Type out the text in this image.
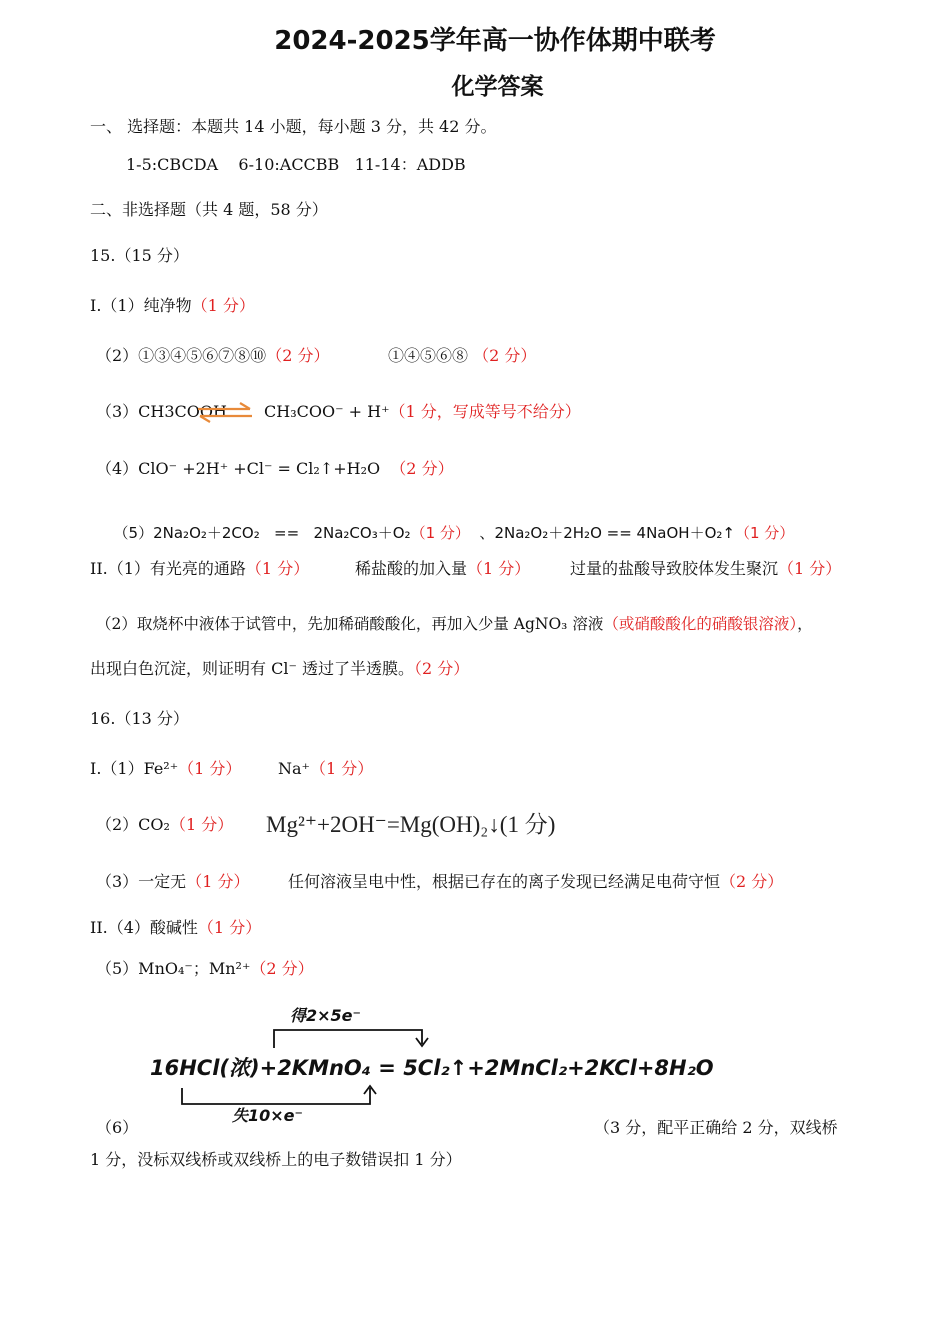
2024-2025学年高一协作体期中联考
化学答案
一、 选择题：本题共 14 小题，每小题 3 分，共 42 分。
1-5:CBCDA    6-10:ACCBB   11-14：ADDB
二、非选择题（共 4 题，58 分）
15.（15 分）
I.（1）纯净物（1 分）
（2）①③④⑤⑥⑦⑧⑩（2 分）	①④⑤⑥⑧ （2 分）
（3）CH3COOH ⇌ CH₃COO⁻ + H⁺（1 分，写成等号不给分）
（4）ClO⁻ +2H⁺ +Cl⁻ = Cl₂↑+H₂O （2 分）

（5）2Na₂O₂＋2CO₂   ==   2Na₂CO₃＋O₂（1 分） 、2Na₂O₂＋2H₂O == 4NaOH＋O₂↑（1 分）

II.（1）有光亮的通路（1 分）	稀盐酸的加入量（1 分） 过量的盐酸导致胶体发生聚沉（1 分）
（2）取烧杯中液体于试管中，先加稀硝酸酸化，再加入少量 AgNO₃ 溶液（或硝酸酸化的硝酸银溶液），
出现白色沉淀，则证明有 Cl⁻ 透过了半透膜。（2 分）
16.（13 分）
I.（1）Fe²⁺（1 分） Na⁺（1 分）
（2）CO₂（1 分） Mg²⁺+2OH⁻=Mg(OH)₂↓(1 分)
（3）一定无（1 分） 任何溶液呈电中性，根据已存在的离子发现已经满足电荷守恒（2 分）
II.（4）酸碱性（1 分）
（5）MnO₄⁻；Mn²⁺（2 分）
得2×5e⁻
16HCl(浓)+2KMnO₄ = 5Cl₂↑+2MnCl₂+2KCl+8H₂O
失10×e⁻
（6）	（3 分，配平正确给 2 分，双线桥
1 分，没标双线桥或双线桥上的电子数错误扣 1 分）
